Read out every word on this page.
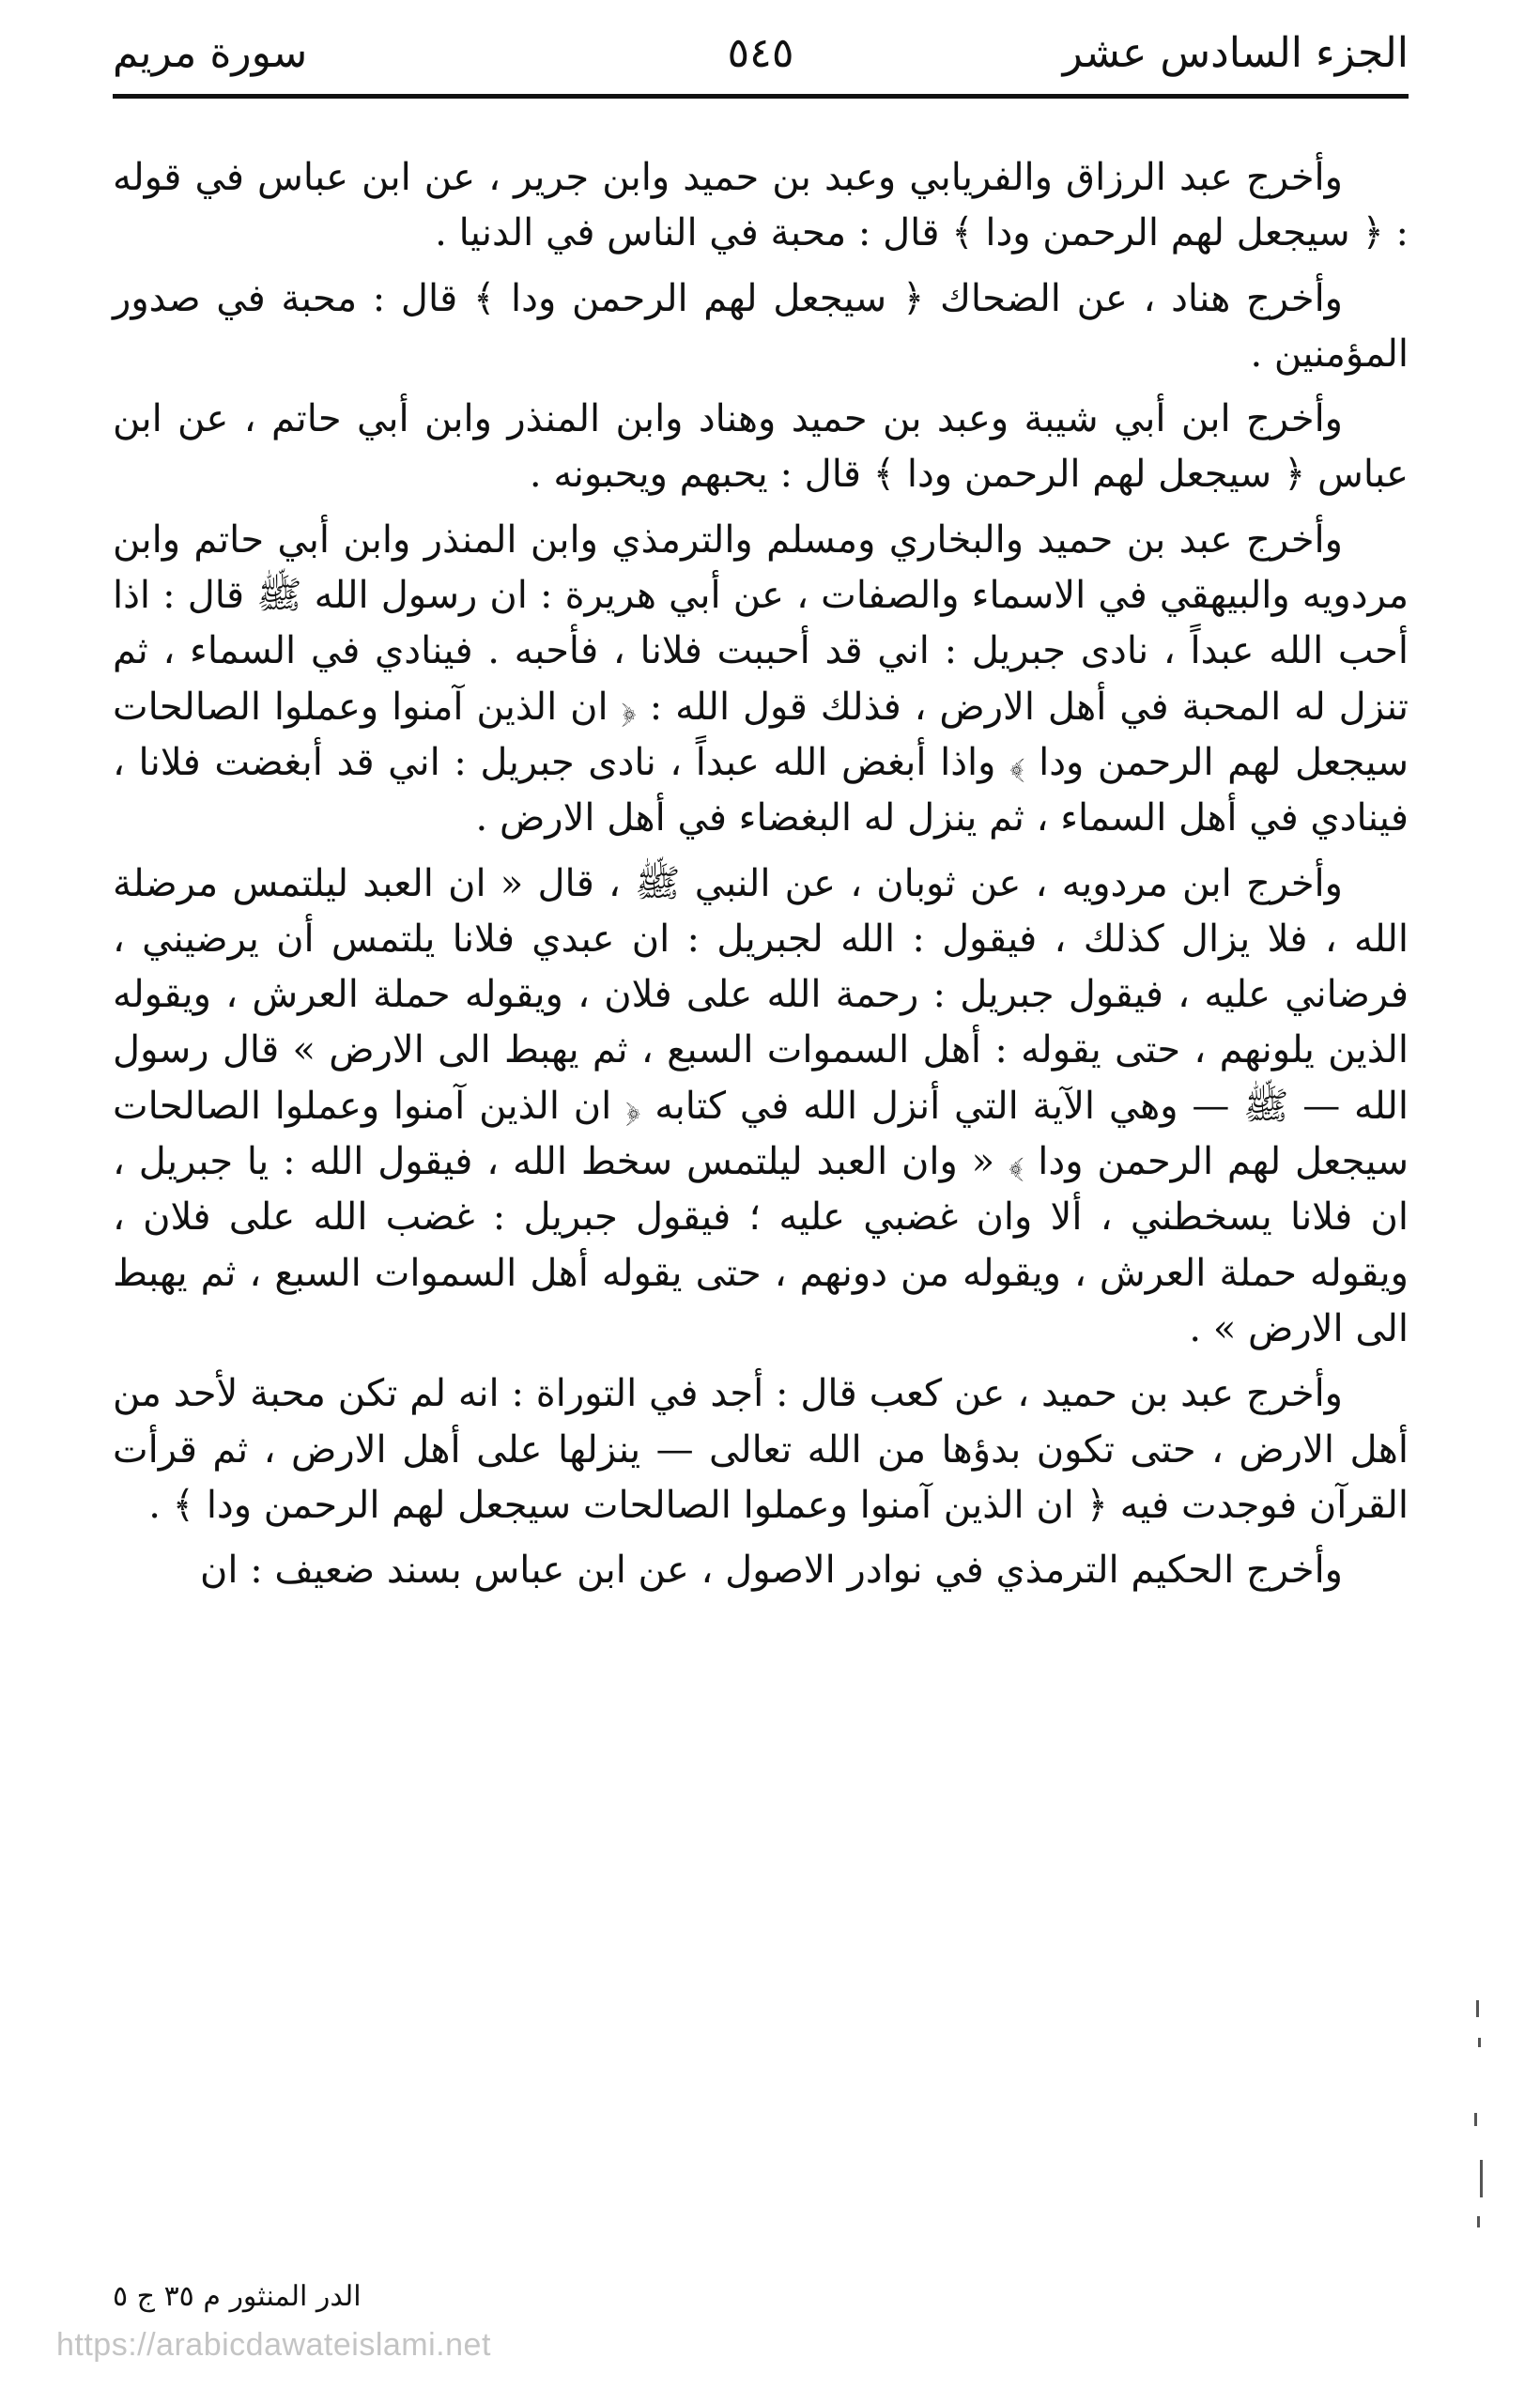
الجزء السادس عشر
٥٤٥
سورة مريم

وأخرج عبد الرزاق والفريابي وعبد بن حميد وابن جرير ، عن ابن عباس في قوله : ﴿ سيجعل لهم الرحمن ودا ﴾ قال : محبة في الناس في الدنيا .

وأخرج هناد ، عن الضحاك ﴿ سيجعل لهم الرحمن ودا ﴾ قال : محبة في صدور المؤمنين .

وأخرج ابن أبي شيبة وعبد بن حميد وهناد وابن المنذر وابن أبي حاتم ، عن ابن عباس ﴿ سيجعل لهم الرحمن ودا ﴾ قال : يحبهم ويحبونه .

وأخرج عبد بن حميد والبخاري ومسلم والترمذي وابن المنذر وابن أبي حاتم وابن مردويه والبيهقي في الاسماء والصفات ، عن أبي هريرة : ان رسول الله ﷺ قال : اذا أحب الله عبداً ، نادى جبريل : اني قد أحببت فلانا ، فأحبه . فينادي في السماء ، ثم تنزل له المحبة في أهل الارض ، فذلك قول الله : ﴿ ان الذين آمنوا وعملوا الصالحات سيجعل لهم الرحمن ودا ﴾ واذا أبغض الله عبداً ، نادى جبريل : اني قد أبغضت فلانا ، فينادي في أهل السماء ، ثم ينزل له البغضاء في أهل الارض .

وأخرج ابن مردويه ، عن ثوبان ، عن النبي ﷺ ، قال « ان العبد ليلتمس مرضلة الله ، فلا يزال كذلك ، فيقول : الله لجبريل : ان عبدي فلانا يلتمس أن يرضيني ، فرضاني عليه ، فيقول جبريل : رحمة الله على فلان ، ويقوله حملة العرش ، ويقوله الذين يلونهم ، حتى يقوله : أهل السموات السبع ، ثم يهبط الى الارض » قال رسول الله — ﷺ — وهي الآية التي أنزل الله في كتابه ﴿ ان الذين آمنوا وعملوا الصالحات سيجعل لهم الرحمن ودا ﴾ « وان العبد ليلتمس سخط الله ، فيقول الله : يا جبريل ، ان فلانا يسخطني ، ألا وان غضبي عليه ؛ فيقول جبريل : غضب الله على فلان ، ويقوله حملة العرش ، ويقوله من دونهم ، حتى يقوله أهل السموات السبع ، ثم يهبط الى الارض » .

وأخرج عبد بن حميد ، عن كعب قال : أجد في التوراة : انه لم تكن محبة لأحد من أهل الارض ، حتى تكون بدؤها من الله تعالى — ينزلها على أهل الارض ، ثم قرأت القرآن فوجدت فيه ﴿ ان الذين آمنوا وعملوا الصالحات سيجعل لهم الرحمن ودا ﴾ .

وأخرج الحكيم الترمذي في نوادر الاصول ، عن ابن عباس بسند ضعيف : ان

الدر المنثور م ٣٥ ج ٥
https://arabicdawateislami.net
